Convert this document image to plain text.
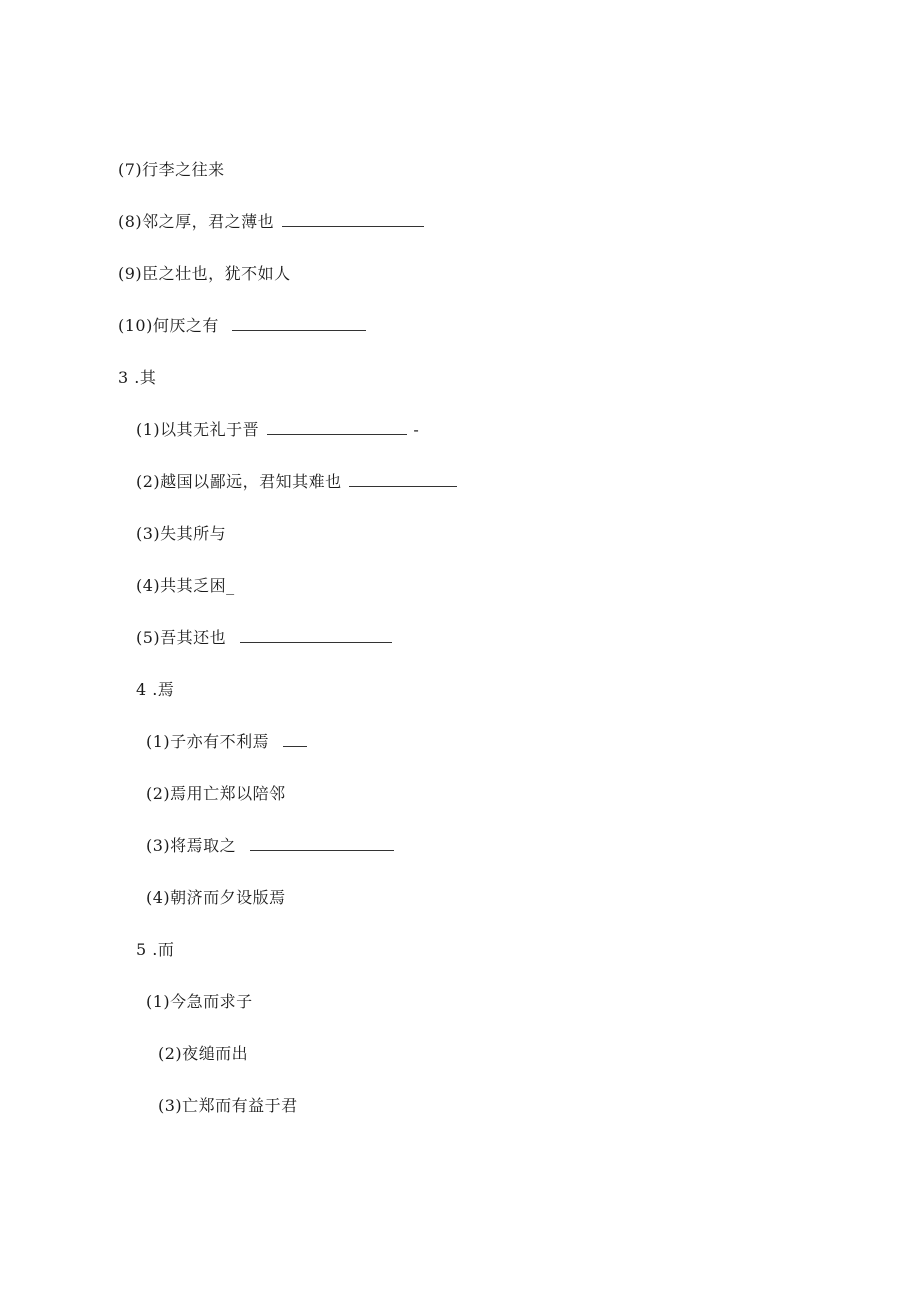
(7)行李之往来
(8)邻之厚，君之薄也
(9)臣之壮也，犹不如人
(10)何厌之有
3 .其
(1)以其无礼于晋	-
(2)越国以鄙远，君知其难也
(3)失其所与
(4)共其乏困_
(5)吾其还也
4 .焉
(1)子亦有不利焉
(2)焉用亡郑以陪邻
(3)将焉取之
(4)朝济而夕设版焉
5 .而
(1)今急而求子
(2)夜缒而出
(3)亡郑而有益于君
